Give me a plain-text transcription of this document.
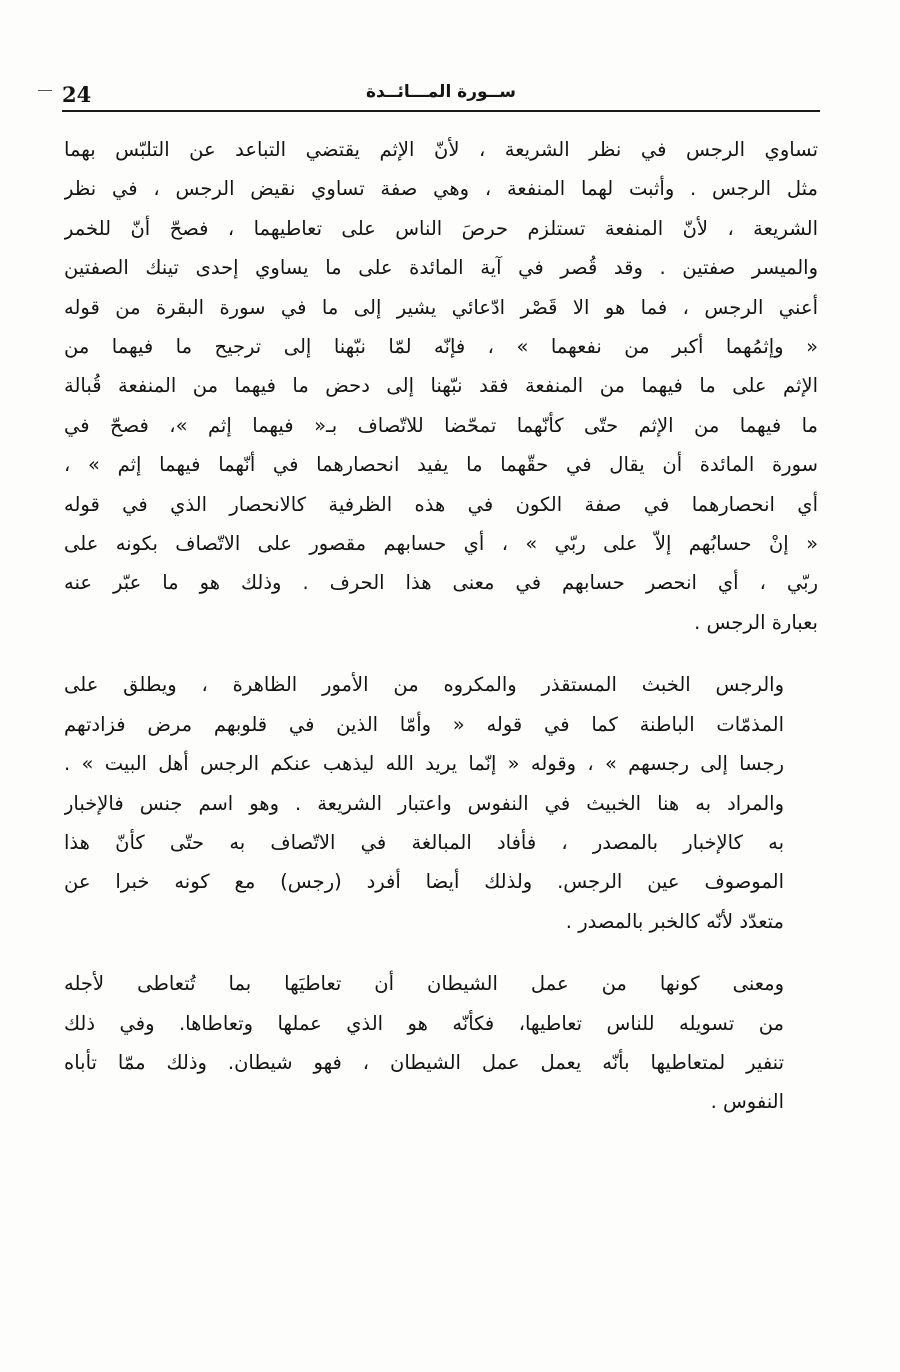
24	ســورة المـــائــدة

تساوي الرجس في نظر الشريعة ، لأنّ الإثم يقتضي التباعد عن التلبّس بهما
مثل الرجس . وأثبت لهما المنفعة ، وهي صفة تساوي نقيض الرجس ، في نظر
الشريعة ، لأنّ المنفعة تستلزم حرصَ الناس على تعاطيهما ، فصحّ أنّ للخمر
والميسر صفتين . وقد قُصر في آية المائدة على ما يساوي إحدى تينك الصفتين
أعني الرجس ، فما هو الا قَصْر ادّعائي يشير إلى ما في سورة البقرة من قوله
« وإثمُهما أكبر من نفعهما » ، فإنّه لمّا نبّهنا إلى ترجيح ما فيهما من
الإثم على ما فيهما من المنفعة فقد نبّهنا إلى دحض ما فيهما من المنفعة قُبالة
ما فيهما من الإثم حتّى كأنّهما تمحّضا للاتّصاف بـ« فيهما إثم »، فصحّ في
سورة المائدة أن يقال في حقّهما ما يفيد انحصارهما في أنّهما فيهما إثم » ،
أي انحصارهما في صفة الكون في هذه الظرفية كالانحصار الذي في قوله
« إنْ حسابُهم إلاّ على ربّي » ، أي حسابهم مقصور على الاتّصاف بكونه على
ربّي ، أي انحصر حسابهم في معنى هذا الحرف . وذلك هو ما عبّر عنه
بعبارة الرجس .

والرجس الخبث المستقذر والمكروه من الأمور الظاهرة ، ويطلق على
المذمّات الباطنة كما في قوله « وأمّا الذين في قلوبهم مرض فزادتهم
رجسا إلى رجسهم » ، وقوله « إنّما يريد الله ليذهب عنكم الرجس أهل البيت » .
والمراد به هنا الخبيث في النفوس واعتبار الشريعة . وهو اسم جنس فالإخبار
به كالإخبار بالمصدر ، فأفاد المبالغة في الاتّصاف به حتّى كأنّ هذا
الموصوف عين الرجس. ولذلك أيضا أفرد (رجس) مع كونه خبرا عن
متعدّد لأنّه كالخبر بالمصدر .

ومعنى كونها من عمل الشيطان أن تعاطيَها بما تُتعاطى لأجله
من تسويله للناس تعاطيها، فكأنّه هو الذي عملها وتعاطاها. وفي ذلك
تنفير لمتعاطيها بأنّه يعمل عمل الشيطان ، فهو شيطان. وذلك ممّا تأباه
النفوس .
